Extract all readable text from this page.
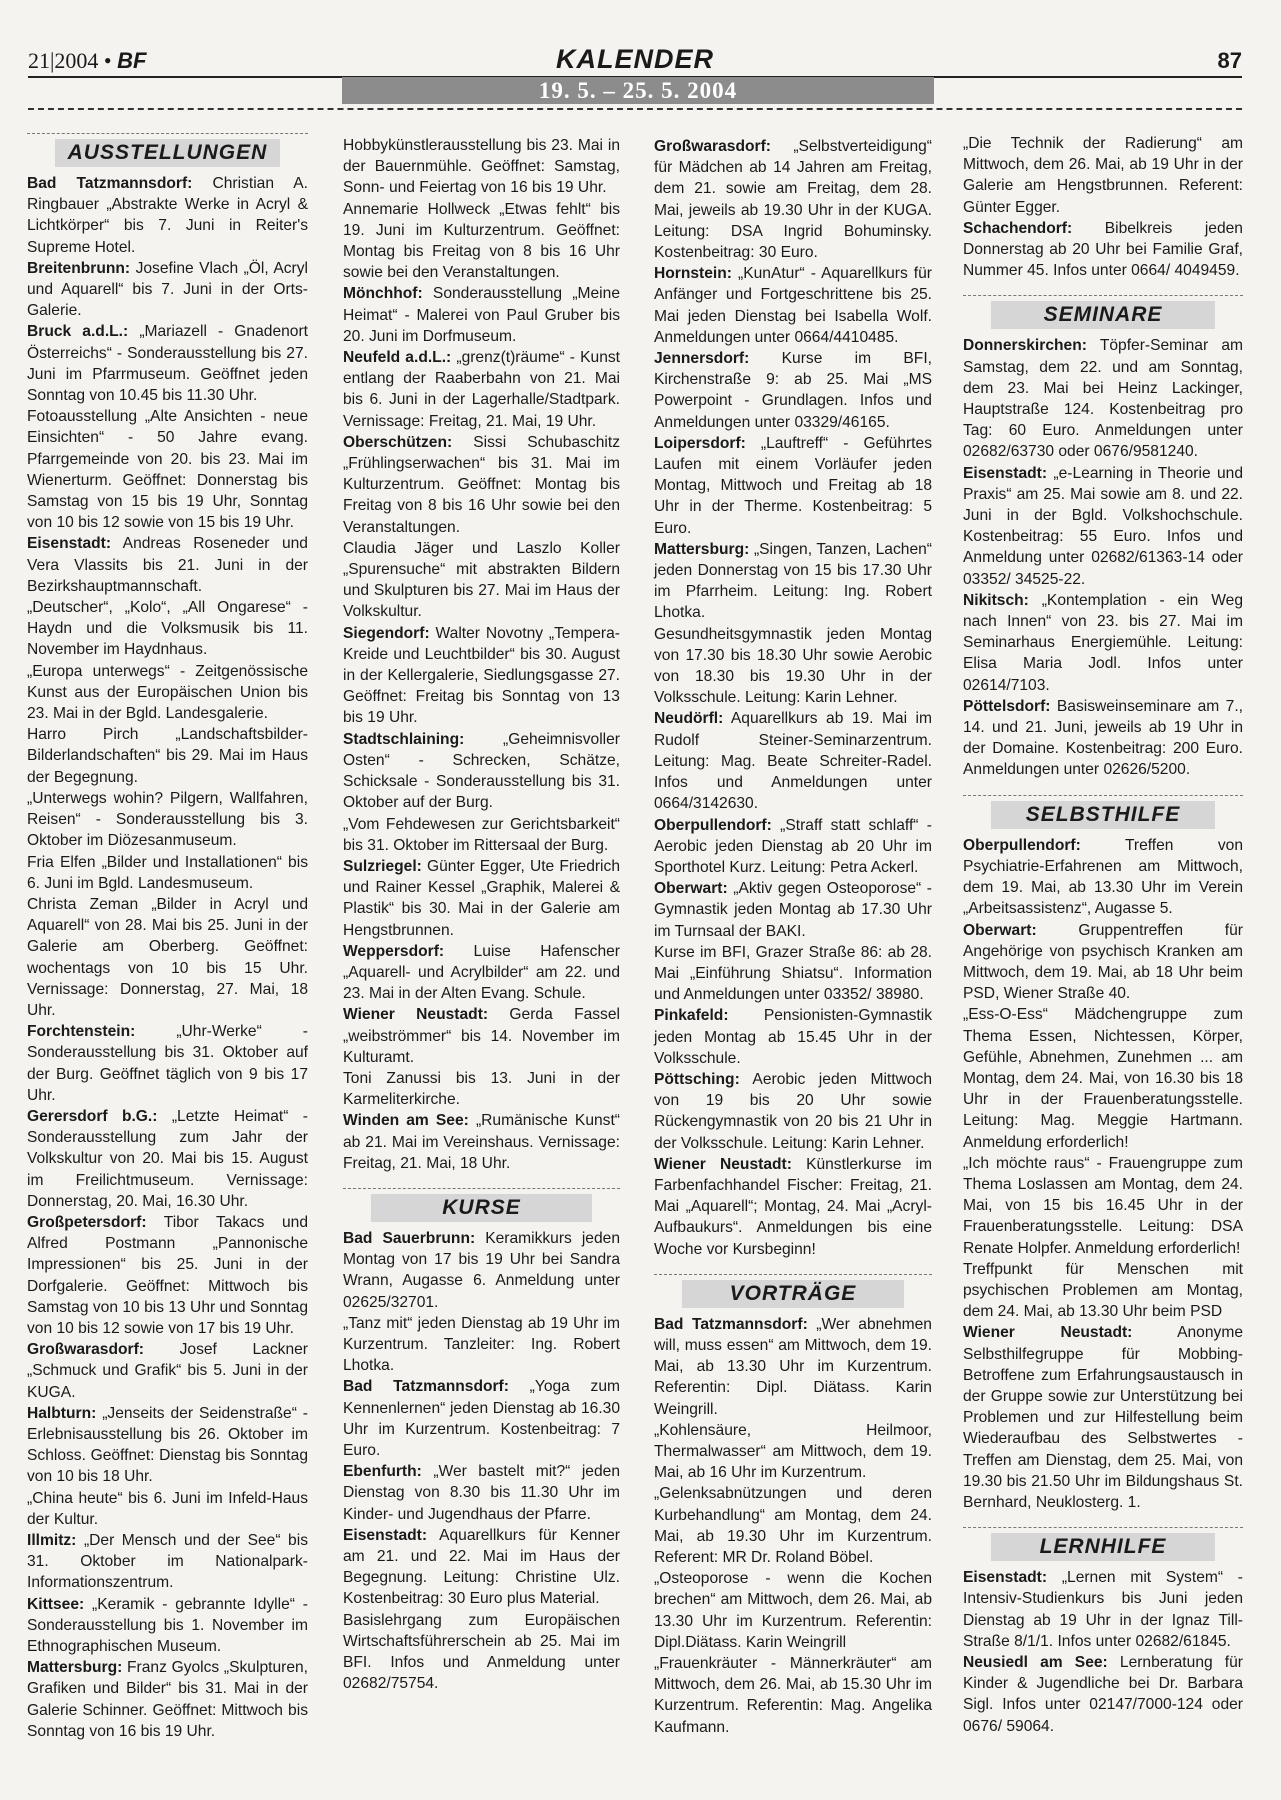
21|2004 • BF	KALENDER	87
19. 5. – 25. 5. 2004
AUSSTELLUNGEN

Bad Tatzmannsdorf: Christian A. Ringbauer „Abstrakte Werke in Acryl & Lichtkörper“ bis 7. Juni in Reiter's Supreme Hotel.

Breitenbrunn: Josefine Vlach „Öl, Acryl und Aquarell“ bis 7. Juni in der Orts-Galerie.

Bruck a.d.L.: „Mariazell - Gnadenort Österreichs“ - Sonderausstellung bis 27. Juni im Pfarrmuseum. Geöffnet jeden Sonntag von 10.45 bis 11.30 Uhr.

Fotoausstellung „Alte Ansichten - neue Einsichten“ - 50 Jahre evang. Pfarrgemeinde von 20. bis 23. Mai im Wienerturm. Geöffnet: Donnerstag bis Samstag von 15 bis 19 Uhr, Sonntag von 10 bis 12 sowie von 15 bis 19 Uhr.

Eisenstadt: Andreas Roseneder und Vera Vlassits bis 21. Juni in der Bezirkshauptmannschaft.

„Deutscher“, „Kolo“, „All Ongarese“ - Haydn und die Volksmusik bis 11. November im Haydnhaus.

„Europa unterwegs“ - Zeitgenössische Kunst aus der Europäischen Union bis 23. Mai in der Bgld. Landesgalerie.

Harro Pirch „Landschaftsbilder-Bilderlandschaften“ bis 29. Mai im Haus der Begegnung.

„Unterwegs wohin? Pilgern, Wallfahren, Reisen“ - Sonderausstellung bis 3. Oktober im Diözesanmuseum.

Fria Elfen „Bilder und Installationen“ bis 6. Juni im Bgld. Landesmuseum.

Christa Zeman „Bilder in Acryl und Aquarell“ von 28. Mai bis 25. Juni in der Galerie am Oberberg. Geöffnet: wochentags von 10 bis 15 Uhr. Vernissage: Donnerstag, 27. Mai, 18 Uhr.

Forchtenstein:	„Uhr-Werke“ - Sonderausstellung bis 31. Oktober auf der Burg. Geöffnet täglich von 9 bis 17 Uhr.

Gerersdorf b.G.: „Letzte Heimat“ - Sonderausstellung zum Jahr der Volkskultur von 20. Mai bis 15. August im Freilichtmuseum. Vernissage: Donnerstag, 20. Mai, 16.30 Uhr.

Großpetersdorf: Tibor Takacs und Alfred Postmann „Pannonische Impressionen“ bis 25. Juni in der Dorfgalerie. Geöffnet: Mittwoch bis Samstag von 10 bis 13 Uhr und Sonntag von 10 bis 12 sowie von 17 bis 19 Uhr.

Großwarasdorf: Josef Lackner „Schmuck und Grafik“ bis 5. Juni in der KUGA.

Halbturn: „Jenseits der Seidenstraße“ - Erlebnisausstellung bis 26. Oktober im Schloss. Geöffnet: Dienstag bis Sonntag von 10 bis 18 Uhr.

„China heute“ bis 6. Juni im Infeld-Haus der Kultur.

Illmitz: „Der Mensch und der See“ bis 31. Oktober im Nationalpark-Informationszentrum.

Kittsee: „Keramik - gebrannte Idylle“ - Sonderausstellung bis 1. November im Ethnographischen Museum.

Mattersburg: Franz Gyolcs „Skulpturen, Grafiken und Bilder“ bis 31. Mai in der Galerie Schinner. Geöffnet: Mittwoch bis Sonntag von 16 bis 19 Uhr.

Hobbykünstlerausstellung bis 23. Mai in der Bauernmühle. Geöffnet: Samstag, Sonn- und Feiertag von 16 bis 19 Uhr.

Annemarie Hollweck „Etwas fehlt“ bis 19. Juni im Kulturzentrum. Geöffnet: Montag bis Freitag von 8 bis 16 Uhr sowie bei den Veranstaltungen.

Mönchhof: Sonderausstellung „Meine Heimat“ - Malerei von Paul Gruber bis 20. Juni im Dorfmuseum.

Neufeld a.d.L.: „grenz(t)räume“ - Kunst entlang der Raaberbahn von 21. Mai bis 6. Juni in der Lagerhalle/Stadtpark. Vernissage: Freitag, 21. Mai, 19 Uhr.

Oberschützen: Sissi Schubaschitz „Frühlingserwachen“ bis 31. Mai im Kulturzentrum. Geöffnet: Montag bis Freitag von 8 bis 16 Uhr sowie bei den Veranstaltungen.

Claudia Jäger und Laszlo Koller „Spurensuche“ mit abstrakten Bildern und Skulpturen bis 27. Mai im Haus der Volkskultur.

Siegendorf: Walter Novotny „Tempera-Kreide und Leuchtbilder“ bis 30. August in der Kellergalerie, Siedlungsgasse 27. Geöffnet: Freitag bis Sonntag von 13 bis 19 Uhr.

Stadtschlaining: „Geheimnisvoller Osten“ - Schrecken, Schätze, Schicksale - Sonderausstellung bis 31. Oktober auf der Burg.

„Vom Fehdewesen zur Gerichtsbarkeit“ bis 31. Oktober im Rittersaal der Burg.

Sulzriegel: Günter Egger, Ute Friedrich und Rainer Kessel „Graphik, Malerei & Plastik“ bis 30. Mai in der Galerie am Hengstbrunnen.

Weppersdorf: Luise Hafenscher „Aquarell- und Acrylbilder“ am 22. und 23. Mai in der Alten Evang. Schule.

Wiener Neustadt: Gerda Fassel „weibströmmer“ bis 14. November im Kulturamt.

Toni Zanussi bis 13. Juni in der Karmeliterkirche.

Winden am See: „Rumänische Kunst“ ab 21. Mai im Vereinshaus. Vernissage: Freitag, 21. Mai, 18 Uhr.

KURSE

Bad Sauerbrunn: Keramikkurs jeden Montag von 17 bis 19 Uhr bei Sandra Wrann, Augasse 6. Anmeldung unter 02625/32701.

„Tanz mit“ jeden Dienstag ab 19 Uhr im Kurzentrum. Tanzleiter: Ing. Robert Lhotka.

Bad Tatzmannsdorf: „Yoga zum Kennenlernen“ jeden Dienstag ab 16.30 Uhr im Kurzentrum. Kostenbeitrag: 7 Euro.

Ebenfurth: „Wer bastelt mit?“ jeden Dienstag von 8.30 bis 11.30 Uhr im Kinder- und Jugendhaus der Pfarre.

Eisenstadt: Aquarellkurs für Kenner am 21. und 22. Mai im Haus der Begegnung. Leitung: Christine Ulz. Kostenbeitrag: 30 Euro plus Material.

Basislehrgang zum Europäischen Wirtschaftsführerschein ab 25. Mai im BFI. Infos und Anmeldung unter 02682/75754.

Großwarasdorf: „Selbstverteidigung“ für Mädchen ab 14 Jahren am Freitag, dem 21. sowie am Freitag, dem 28. Mai, jeweils ab 19.30 Uhr in der KUGA. Leitung: DSA Ingrid Bohuminsky. Kostenbeitrag: 30 Euro.

Hornstein: „KunAtur“ - Aquarellkurs für Anfänger und Fortgeschrittene bis 25. Mai jeden Dienstag bei Isabella Wolf. Anmeldungen unter 0664/4410485.

Jennersdorf: Kurse im BFI, Kirchenstraße 9: ab 25. Mai „MS Powerpoint - Grundlagen. Infos und Anmeldungen unter 03329/46165.

Loipersdorf: „Lauftreff“ - Geführtes Laufen mit einem Vorläufer jeden Montag, Mittwoch und Freitag ab 18 Uhr in der Therme. Kostenbeitrag: 5 Euro.

Mattersburg: „Singen, Tanzen, Lachen“ jeden Donnerstag von 15 bis 17.30 Uhr im Pfarrheim. Leitung: Ing. Robert Lhotka.

Gesundheitsgymnastik jeden Montag von 17.30 bis 18.30 Uhr sowie Aerobic von 18.30 bis 19.30 Uhr in der Volksschule. Leitung: Karin Lehner.

Neudörfl: Aquarellkurs ab 19. Mai im Rudolf Steiner-Seminarzentrum. Leitung: Mag. Beate Schreiter-Radel. Infos und Anmeldungen unter 0664/3142630.

Oberpullendorf: „Straff statt schlaff“ - Aerobic jeden Dienstag ab 20 Uhr im Sporthotel Kurz. Leitung: Petra Ackerl.

Oberwart: „Aktiv gegen Osteoporose“ - Gymnastik jeden Montag ab 17.30 Uhr im Turnsaal der BAKI.

Kurse im BFI, Grazer Straße 86: ab 28. Mai „Einführung Shiatsu“. Information und Anmeldungen unter 03352/ 38980.

Pinkafeld: Pensionisten-Gymnastik jeden Montag ab 15.45 Uhr in der Volksschule.

Pöttsching: Aerobic jeden Mittwoch von 19 bis 20 Uhr sowie Rückengymnastik von 20 bis 21 Uhr in der Volksschule. Leitung: Karin Lehner.

Wiener Neustadt: Künstlerkurse im Farbenfachhandel Fischer: Freitag, 21. Mai „Aquarell“; Montag, 24. Mai „Acryl-Aufbaukurs“. Anmeldungen bis eine Woche vor Kursbeginn!

VORTRÄGE

Bad Tatzmannsdorf: „Wer abnehmen will, muss essen“ am Mittwoch, dem 19. Mai, ab 13.30 Uhr im Kurzentrum. Referentin: Dipl. Diätass. Karin Weingrill.

„Kohlensäure, Heilmoor, Thermalwasser“ am Mittwoch, dem 19. Mai, ab 16 Uhr im Kurzentrum.

„Gelenksabnützungen und deren Kurbehandlung“ am Montag, dem 24. Mai, ab 19.30 Uhr im Kurzentrum. Referent: MR Dr. Roland Böbel.

„Osteoporose - wenn die Kochen brechen“ am Mittwoch, dem 26. Mai, ab 13.30 Uhr im Kurzentrum. Referentin: Dipl.Diätass. Karin Weingrill

„Frauenkräuter - Männerkräuter“ am Mittwoch, dem 26. Mai, ab 15.30 Uhr im Kurzentrum. Referentin: Mag. Angelika Kaufmann.

„Die Technik der Radierung“ am Mittwoch, dem 26. Mai, ab 19 Uhr in der Galerie am Hengstbrunnen. Referent: Günter Egger.

Schachendorf: Bibelkreis jeden Donnerstag ab 20 Uhr bei Familie Graf, Nummer 45. Infos unter 0664/ 4049459.

SEMINARE

Donnerskirchen: Töpfer-Seminar am Samstag, dem 22. und am Sonntag, dem 23. Mai bei Heinz Lackinger, Hauptstraße 124. Kostenbeitrag pro Tag: 60 Euro. Anmeldungen unter 02682/63730 oder 0676/9581240.

Eisenstadt: „e-Learning in Theorie und Praxis“ am 25. Mai sowie am 8. und 22. Juni in der Bgld. Volkshochschule. Kostenbeitrag: 55 Euro. Infos und Anmeldung unter 02682/61363-14 oder 03352/ 34525-22.

Nikitsch: „Kontemplation - ein Weg nach Innen“ von 23. bis 27. Mai im Seminarhaus Energiemühle. Leitung: Elisa Maria Jodl. Infos unter 02614/7103.

Pöttelsdorf: Basisweinseminare am 7., 14. und 21. Juni, jeweils ab 19 Uhr in der Domaine. Kostenbeitrag: 200 Euro. Anmeldungen unter 02626/5200.

SELBSTHILFE

Oberpullendorf:	Treffen von Psychiatrie-Erfahrenen am Mittwoch, dem 19. Mai, ab 13.30 Uhr im Verein „Arbeitsassistenz“, Augasse 5.

Oberwart:	Gruppentreffen für Angehörige von psychisch Kranken am Mittwoch, dem 19. Mai, ab 18 Uhr beim PSD, Wiener Straße 40.

„Ess-O-Ess“ Mädchengruppe zum Thema Essen, Nichtessen, Körper, Gefühle, Abnehmen, Zunehmen ... am Montag, dem 24. Mai, von 16.30 bis 18 Uhr in der Frauenberatungsstelle. Leitung: Mag. Meggie Hartmann. Anmeldung erforderlich!

„Ich möchte raus“ - Frauengruppe zum Thema Loslassen am Montag, dem 24. Mai, von 15 bis 16.45 Uhr in der Frauenberatungsstelle. Leitung: DSA Renate Holpfer. Anmeldung erforderlich!

Treffpunkt für Menschen mit psychischen Problemen am Montag, dem 24. Mai, ab 13.30 Uhr beim PSD

Wiener Neustadt:	Anonyme Selbsthilfegruppe für Mobbing-Betroffene zum Erfahrungsaustausch in der Gruppe sowie zur Unterstützung bei Problemen und zur Hilfestellung beim Wiederaufbau des Selbstwertes - Treffen am Dienstag, dem 25. Mai, von 19.30 bis 21.50 Uhr im Bildungshaus St. Bernhard, Neuklosterg. 1.

LERNHILFE

Eisenstadt: „Lernen mit System“ - Intensiv-Studienkurs bis Juni jeden Dienstag ab 19 Uhr in der Ignaz Till-Straße 8/1/1. Infos unter 02682/61845.

Neusiedl am See: Lernberatung für Kinder & Jugendliche bei Dr. Barbara Sigl. Infos unter 02147/7000-124 oder 0676/ 59064.
